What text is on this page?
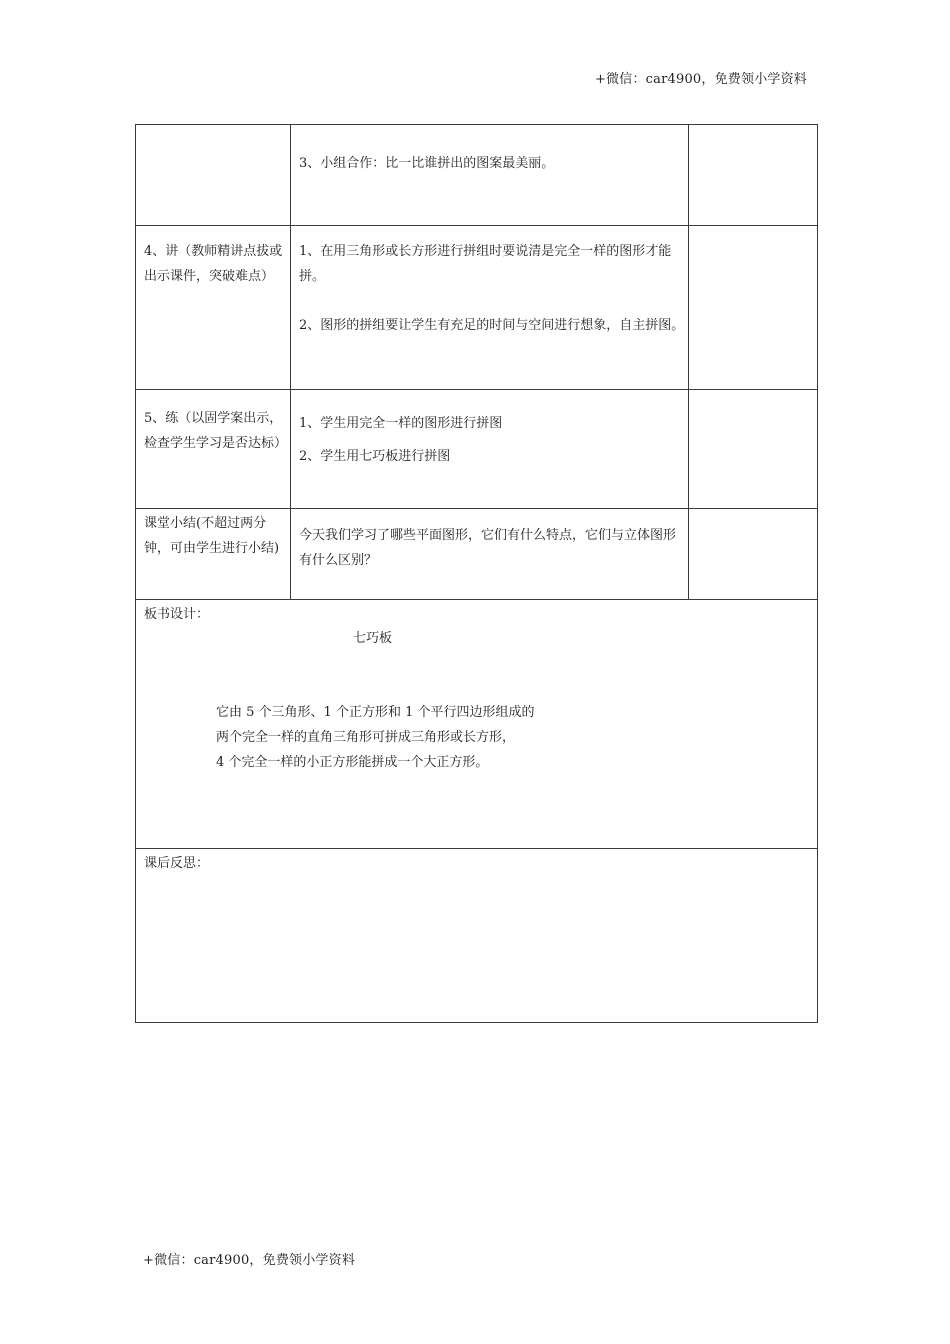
+微信：car4900，免费领小学资料

3、小组合作：比一比谁拼出的图案最美丽。

4、讲（教师精讲点拔或出示课件，突破难点）

1、在用三角形或长方形进行拼组时要说清是完全一样的图形才能拼。

2、图形的拼组要让学生有充足的时间与空间进行想象，自主拼图。

5、练（以固学案出示，检查学生学习是否达标）

1、学生用完全一样的图形进行拼图

2、学生用七巧板进行拼图

课堂小结(不超过两分钟，可由学生进行小结)

今天我们学习了哪些平面图形，它们有什么特点，它们与立体图形有什么区别？

板书设计：
七巧板

它由 5 个三角形、1 个正方形和 1 个平行四边形组成的

两个完全一样的直角三角形可拼成三角形或长方形，

4 个完全一样的小正方形能拼成一个大正方形。

课后反思：
+微信：car4900，免费领小学资料
